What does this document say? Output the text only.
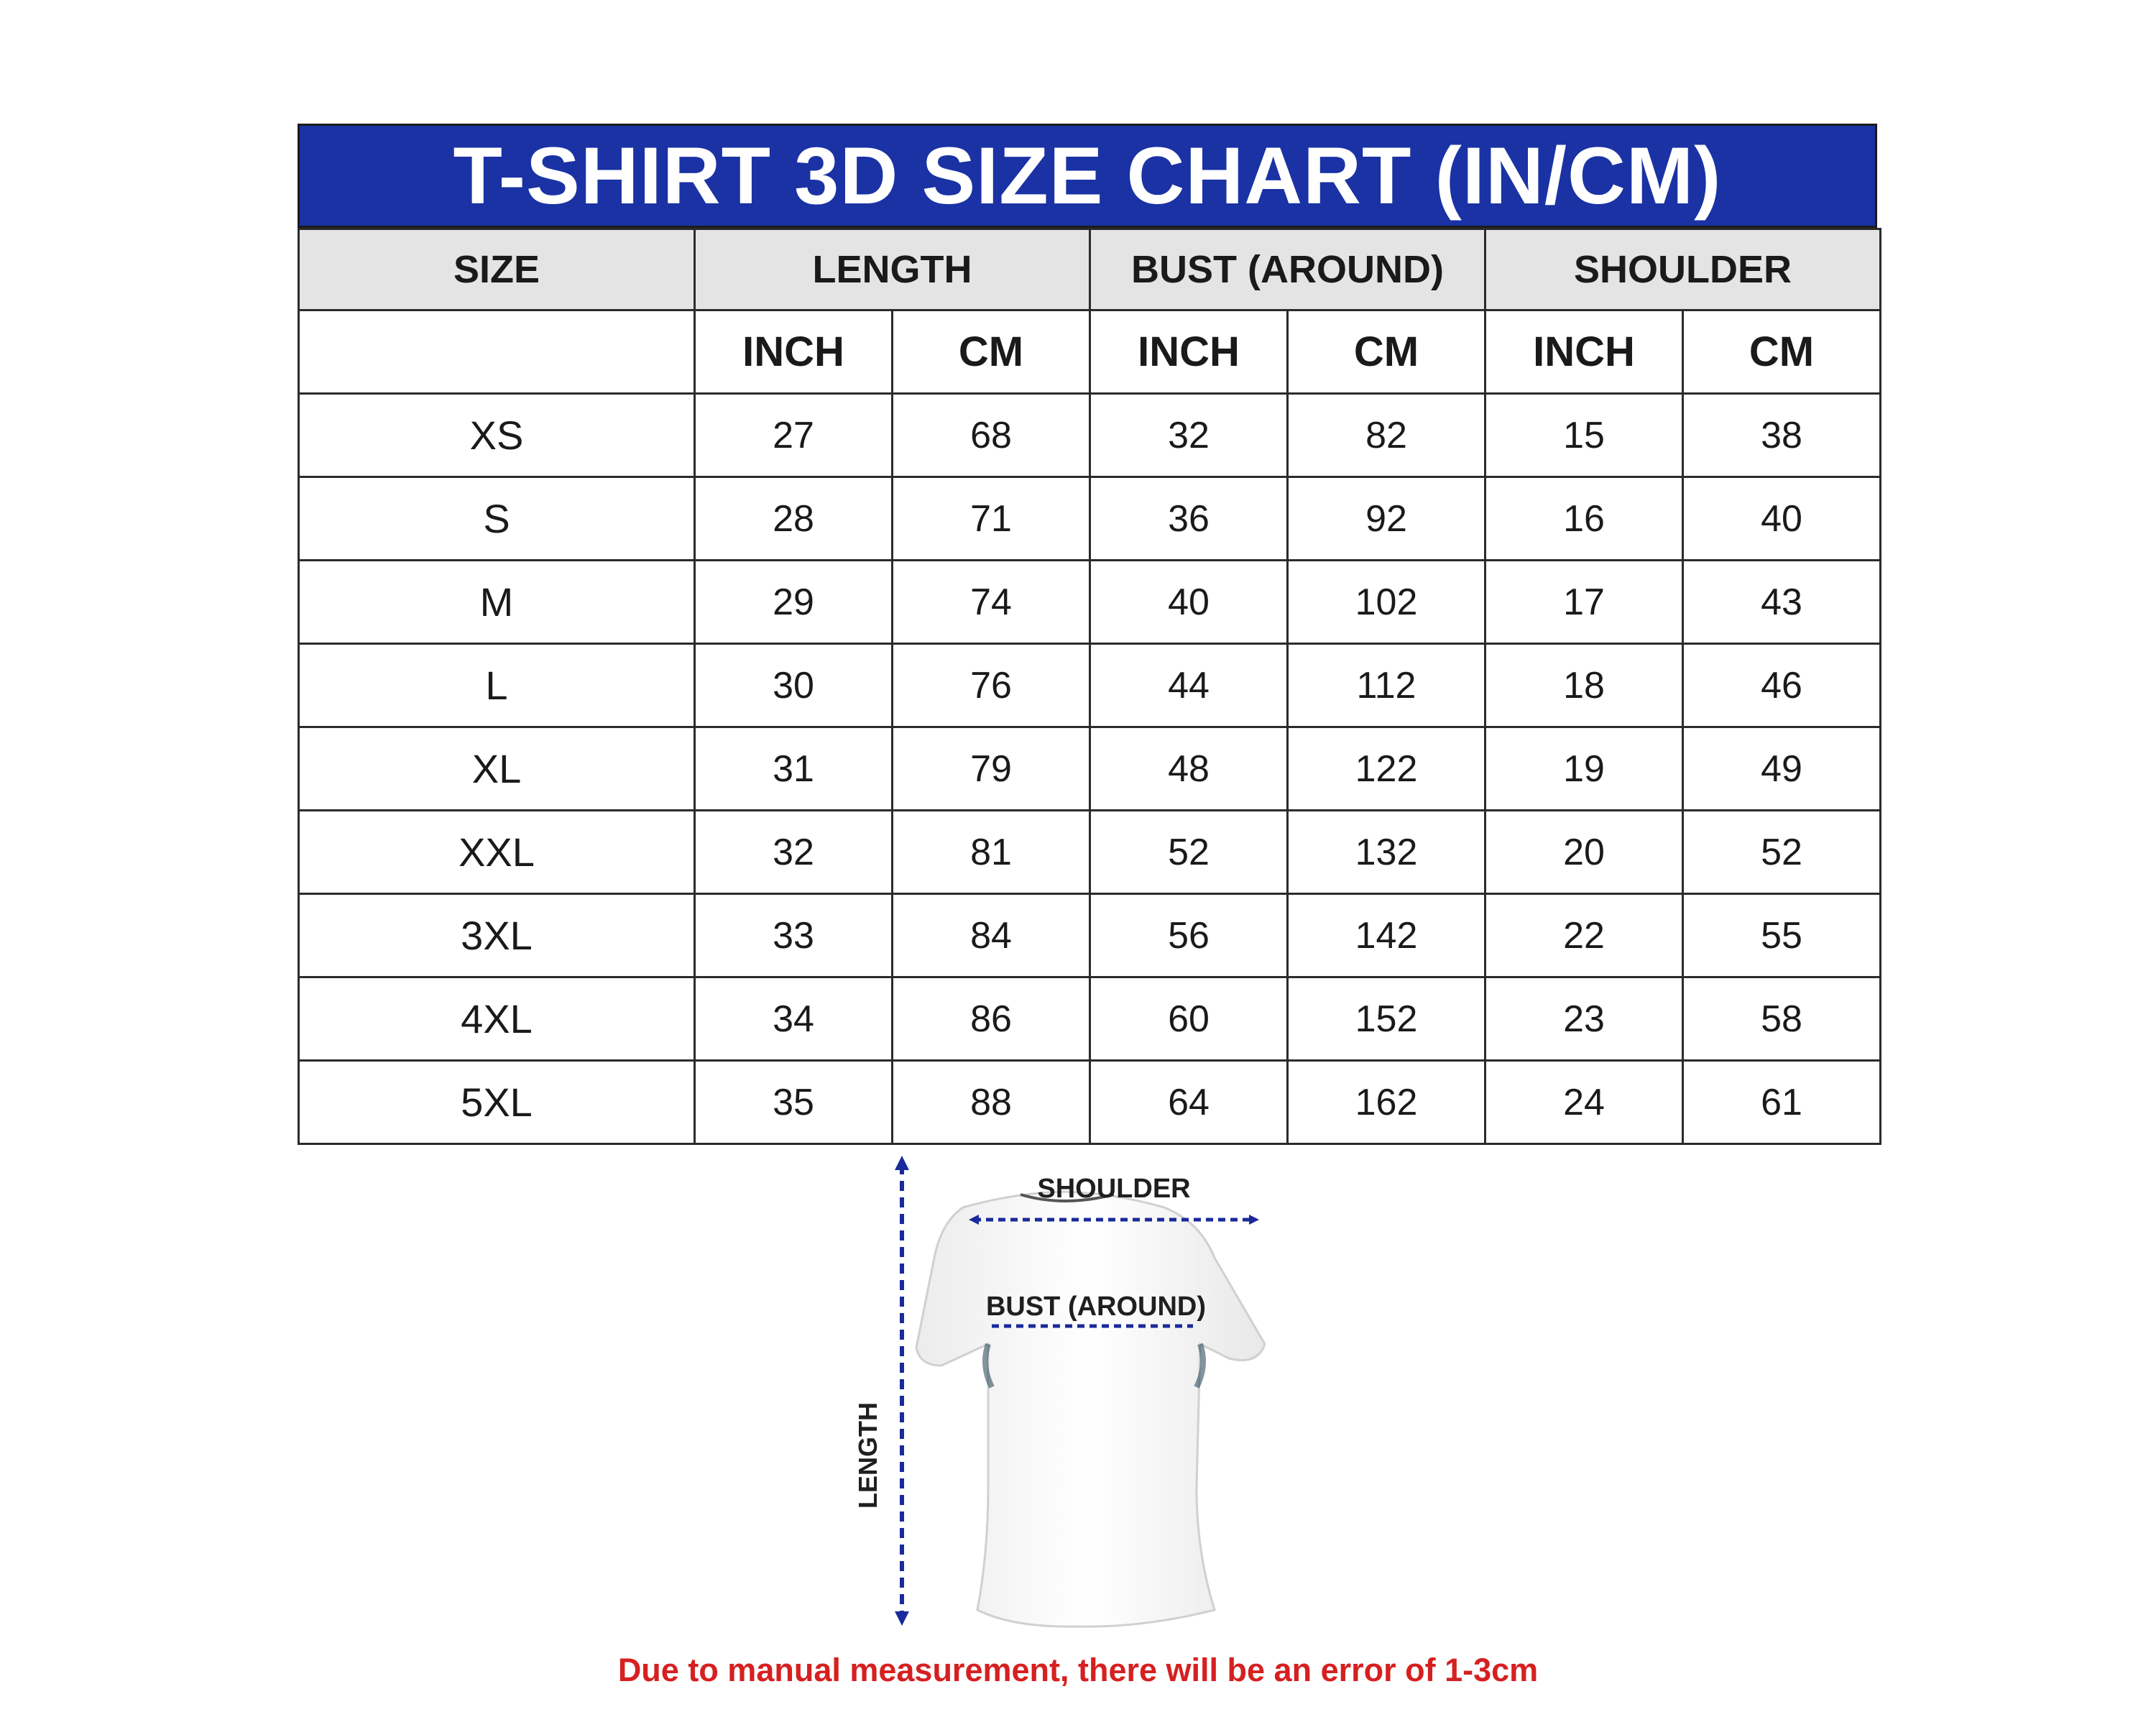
T-SHIRT 3D SIZE CHART (IN/CM)
SIZE	LENGTH		BUST (AROUND)		SHOULDER	
	INCH	CM	INCH	CM	INCH	CM
XS	27	68	32	82	15	38
S	28	71	36	92	16	40
M	29	74	40	102	17	43
L	30	76	44	112	18	46
XL	31	79	48	122	19	49
XXL	32	81	52	132	20	52
3XL	33	84	56	142	22	55
4XL	34	86	60	152	23	58
5XL	35	88	64	162	24	61
SHOULDER
BUST (AROUND)
LENGTH
Due to manual measurement, there will be an error of 1-3cm
